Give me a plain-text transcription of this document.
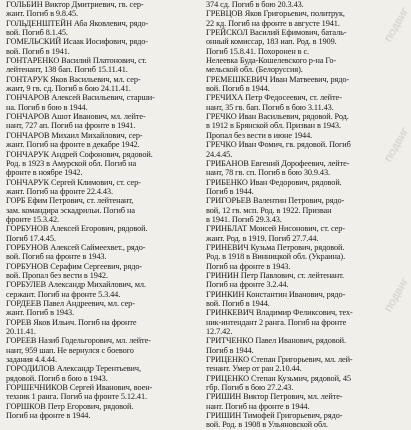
ГОЛЬБИН Виктор Дмитриевич, гв. сер-
жант. Погиб в 9.8.45.
ГОЛЬДЕНШТЕЙН Аба Яковлевич, рядо-
вой. Погиб 8.1.45.
ГОМЕЛЬСКИЙ Исаак Иосифович, рядо-
вой. Погиб в 1941.
ГОНТАРЕНКО Василий Платонович, ст.
лейтенант, 138 бап. Погиб 15.11.41.
ГОНТАРУК Яков Васильевич, мл. сер-
жант, 9 гв. сд. Погиб в бою 24.11.41.
ГОНЧАРОВ Алексей Васильевич, старши-
на. Погиб в бою в 1944.
ГОНЧАРОВ Ашот Иванович, мл. лейте-
нант, 727 ап. Погиб на фронте в 1941.
ГОНЧАРОВ Михаил Михайлович, сер-
жант. Погиб на фронте в декабре 1942.
ГОНЧАРУК Андрей Софонович, рядовой.
Род. в 1923 в Амурской обл. Погиб на
фронте в ноябре 1942.
ГОНЧАРУК Сергей Климович, ст. сер-
жант. Погиб на фронте 22.4.43.
ГОРБ Ефим Петрович, ст. лейтенант,
зам. командира эскадрильи. Погиб на
фронте 15.3.42.
ГОРБУНОВ Алексей Егорович, рядовой.
Погиб 17.4.45.
ГОРБУНОВ Алексей Саймеехвет., рядо-
вой. Погиб на фронте в 1943.
ГОРБУНОВ Серафим Сергеевич, рядо-
вой. Пропал без вести в 1942.
ГОРБУЛЕВ Александр Михайлович, мл.
сержант. Погиб на фронте 5.3.44.
ГОРДЕЕВ Павел Андреевич, мл. сер-
жант. Погиб в 1943.
ГОРЕВ Яков Ильич. Погиб на фронте
20.11.41.
ГОРЕЕВ Назиб Годельгорович, мл. лейте-
нант, 959 шап. Не вернулся с боевого
задания 4.4.44.
ГОРОДИЛОВ Александр Терентьевич,
рядовой. Погиб в бою в 1943.
ГОРШЕЧНИКОВ Сергей Иванович, воен-
техник 1 ранга. Погиб на фронте 5.12.41.
ГОРШКОВ Петр Егорович, рядовой.
Погиб на фронте в 1944.
374 сд. Погиб в бою 20.3.43.
ГРЕВЦОВ Яков Григорьевич, политрук,
22 кд. Погиб на фронте в августе 1941.
ГРЕЙСКОЛ Василий Ефимович, баталь-
онный комиссар, 183 иап. Род. в 1909.
Погиб 15.8.41. Похоронен в с.
Нелеевка Буда-Кошелевского р-на Го-
мельской обл. (Белоруссия).
ГРЕМЕШКЕВИЧ Иван Матвеевич, рядо-
вой. Погиб в 1944.
ГРЕЧИХА Петр Федосеевич, ст. лейте-
нант, 35 гв. бап. Погиб в бою 3.11.43.
ГРЕЧКО Иван Васильевич, рядовой. Род.
в 1912 в Брянской обл. Призван в 1943.
Пропал без вести в июне 1944.
ГРЕЧКО Иван Фомич, гв. рядовой. Погиб
24.4.45.
ГРИБАНОВ Евгений Дорофеевич, лейте-
нант, 78 гв. сп. Погиб в бою 30.9.43.
ГРИБЕНКО Иван Федорович, рядовой.
Погиб в 1944.
ГРИГОРЬЕВ Валентин Петрович, рядо-
вой, 12 гв. мсп. Род. в 1922. Призван
в 1941. Погиб 29.3.43.
ГРИНБЛАТ Моисей Нисонович, ст. сер-
жант. Род. в 1919. Погиб 27.7.44.
ГРИНЕВИЧ Кузьма Петрович, рядовой.
Род. в 1918 в Винницкой обл. (Украина).
Погиб на фронте в 1943.
ГРИНИН Петр Павлович, ст. лейтенант.
Погиб на фронте 3.2.44.
ГРИНКИН Константин Иванович, рядо-
вой. Погиб в 1944.
ГРИНКЕВИЧ Владимир Феликсович, тех-
ник-интендант 2 ранга. Погиб на фронте
12.7.42.
ГРИТЧЕНКО Павел Иванович, рядовой.
Погиб в 1944.
ГРИЦЕНКО Степан Григорьевич, мл. лей-
тенант. Умер от ран 2.10.44.
ГРИЦЕНКО Степан Кузьмич, рядовой, 45
гбр. Погиб в бою 27.2.43.
ГРИШИН Виктор Петрович, мл. лейте-
нант. Погиб на фронте в 1944.
ГРИШИН Тимофей Григорьевич, рядо-
вой. Род. в 1908 в Ульяновской обл.
ПОДВИГ
ПОДВИГ
ПОДВИГ
